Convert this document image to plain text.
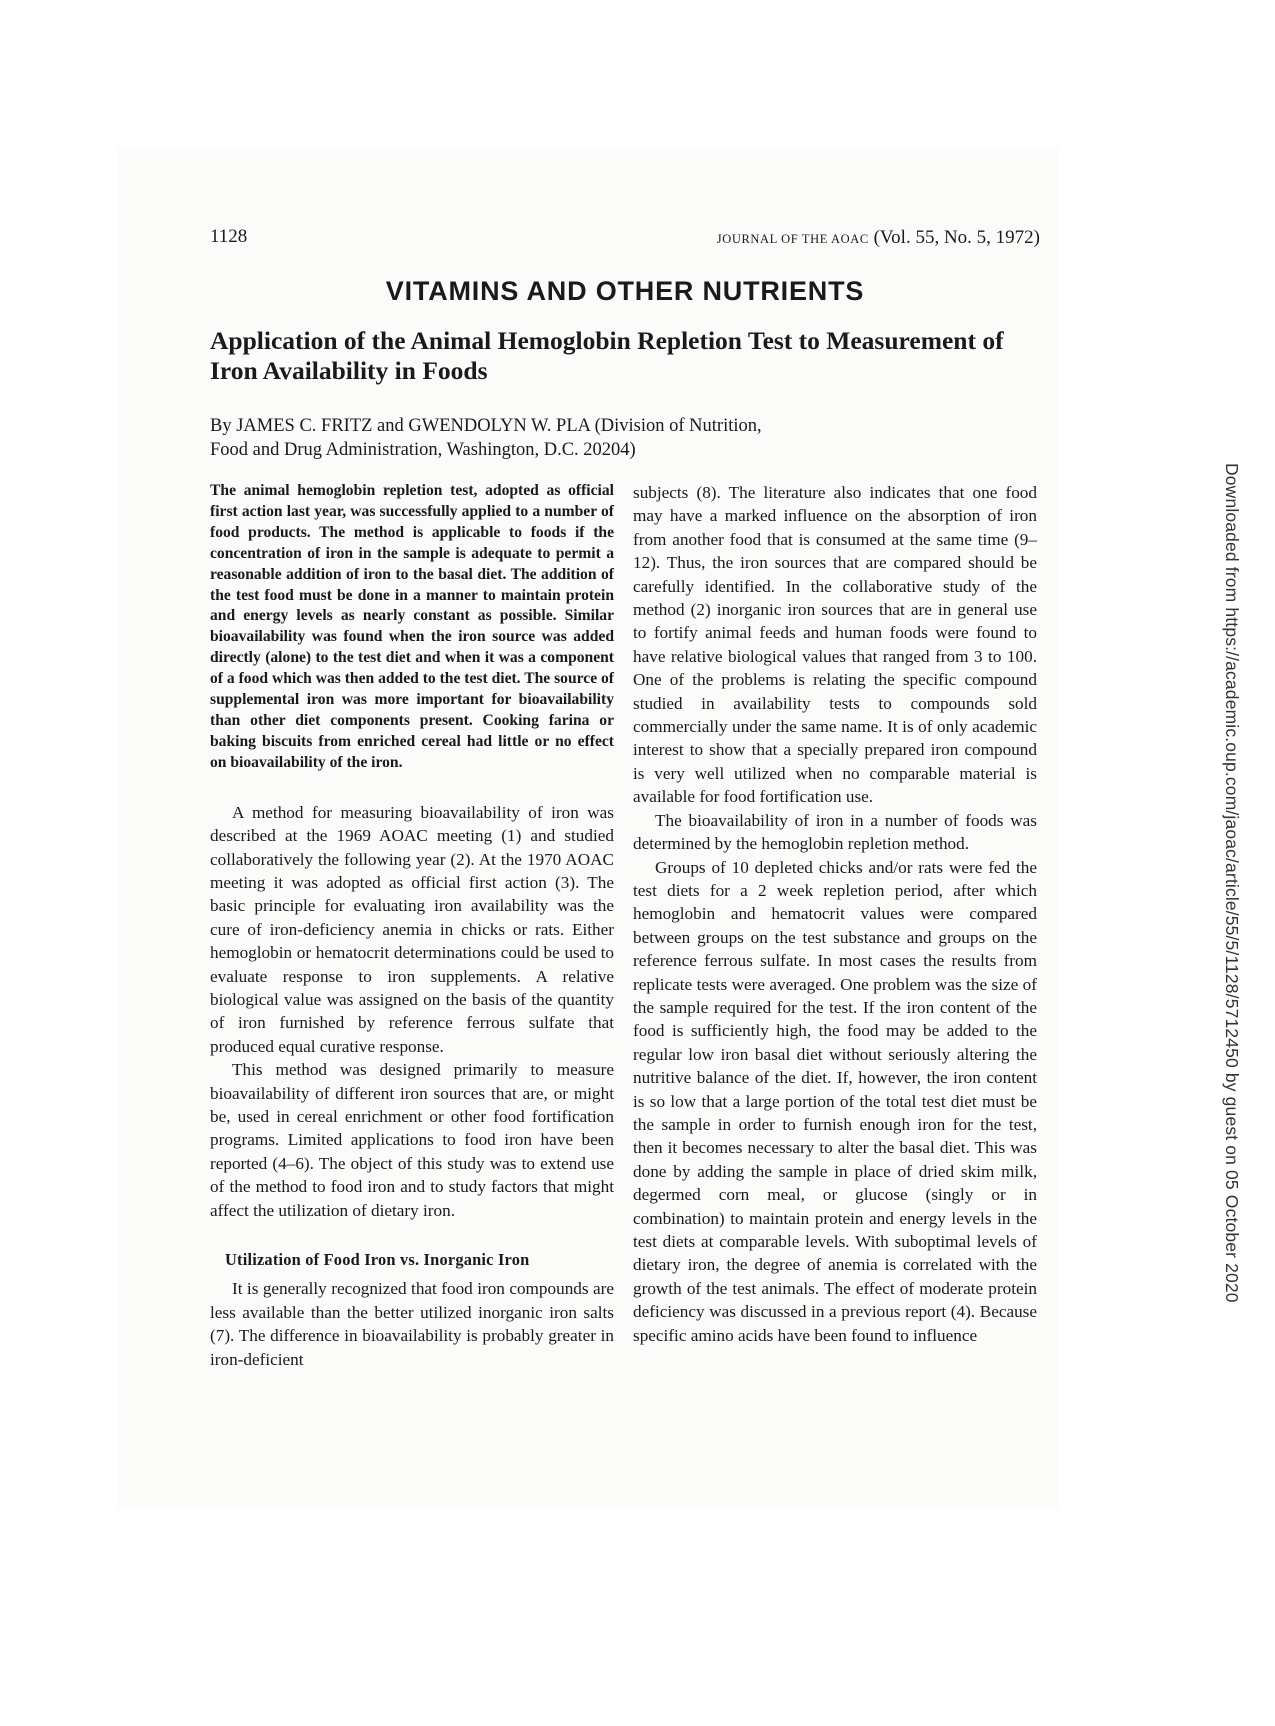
1128	JOURNAL OF THE AOAC (Vol. 55, No. 5, 1972)
VITAMINS AND OTHER NUTRIENTS
Application of the Animal Hemoglobin Repletion Test to Measurement of Iron Availability in Foods
By JAMES C. FRITZ and GWENDOLYN W. PLA (Division of Nutrition,
Food and Drug Administration, Washington, D.C. 20204)

The animal hemoglobin repletion test, adopted as official first action last year, was successfully applied to a number of food products. The method is applicable to foods if the concentration of iron in the sample is adequate to permit a reasonable addition of iron to the basal diet. The addition of the test food must be done in a manner to maintain protein and energy levels as nearly constant as possible. Similar bioavailability was found when the iron source was added directly (alone) to the test diet and when it was a component of a food which was then added to the test diet. The source of supplemental iron was more important for bioavailability than other diet components present. Cooking farina or baking biscuits from enriched cereal had little or no effect on bioavailability of the iron.

A method for measuring bioavailability of iron was described at the 1969 AOAC meeting (1) and studied collaboratively the following year (2). At the 1970 AOAC meeting it was adopted as official first action (3). The basic principle for evaluating iron availability was the cure of iron-deficiency anemia in chicks or rats. Either hemoglobin or hematocrit determinations could be used to evaluate response to iron supplements. A relative biological value was assigned on the basis of the quantity of iron furnished by reference ferrous sulfate that produced equal curative response.

This method was designed primarily to measure bioavailability of different iron sources that are, or might be, used in cereal enrichment or other food fortification programs. Limited applications to food iron have been reported (4–6). The object of this study was to extend use of the method to food iron and to study factors that might affect the utilization of dietary iron.

Utilization of Food Iron vs. Inorganic Iron

It is generally recognized that food iron compounds are less available than the better utilized inorganic iron salts (7). The difference in bioavailability is probably greater in iron-deficient

subjects (8). The literature also indicates that one food may have a marked influence on the absorption of iron from another food that is consumed at the same time (9–12). Thus, the iron sources that are compared should be carefully identified. In the collaborative study of the method (2) inorganic iron sources that are in general use to fortify animal feeds and human foods were found to have relative biological values that ranged from 3 to 100. One of the problems is relating the specific compound studied in availability tests to compounds sold commercially under the same name. It is of only academic interest to show that a specially prepared iron compound is very well utilized when no comparable material is available for food fortification use.

The bioavailability of iron in a number of foods was determined by the hemoglobin repletion method.

Groups of 10 depleted chicks and/or rats were fed the test diets for a 2 week repletion period, after which hemoglobin and hematocrit values were compared between groups on the test substance and groups on the reference ferrous sulfate. In most cases the results from replicate tests were averaged. One problem was the size of the sample required for the test. If the iron content of the food is sufficiently high, the food may be added to the regular low iron basal diet without seriously altering the nutritive balance of the diet. If, however, the iron content is so low that a large portion of the total test diet must be the sample in order to furnish enough iron for the test, then it becomes necessary to alter the basal diet. This was done by adding the sample in place of dried skim milk, degermed corn meal, or glucose (singly or in combination) to maintain protein and energy levels in the test diets at comparable levels. With suboptimal levels of dietary iron, the degree of anemia is correlated with the growth of the test animals. The effect of moderate protein deficiency was discussed in a previous report (4). Because specific amino acids have been found to influence

Downloaded from https://academic.oup.com/jaoac/article/55/5/1128/5712450 by guest on 05 October 2020
